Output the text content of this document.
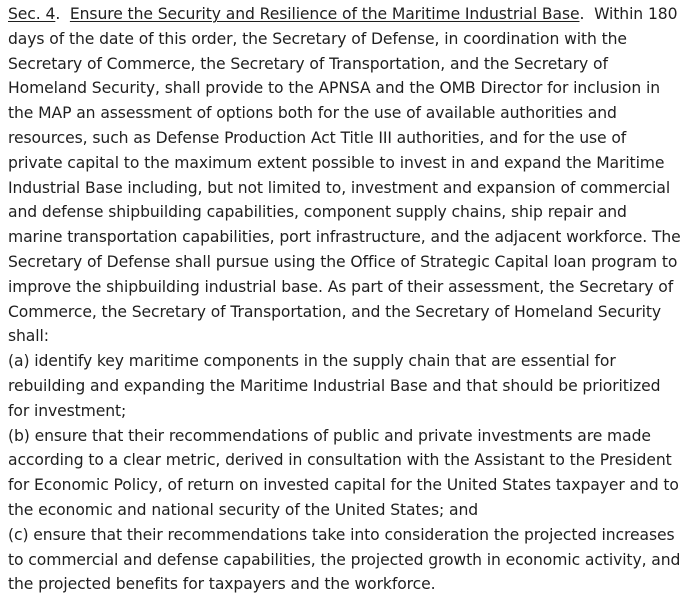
Sec. 4.  Ensure the Security and Resilience of the Maritime Industrial Base.  Within 180 days of the date of this order, the Secretary of Defense, in coordination with the Secretary of Commerce, the Secretary of Transportation, and the Secretary of Homeland Security, shall provide to the APNSA and the OMB Director for inclusion in the MAP an assessment of options both for the use of available authorities and resources, such as Defense Production Act Title III authorities, and for the use of private capital to the maximum extent possible to invest in and expand the Maritime Industrial Base including, but not limited to, investment and expansion of commercial and defense shipbuilding capabilities, component supply chains, ship repair and marine transportation capabilities, port infrastructure, and the adjacent workforce. The Secretary of Defense shall pursue using the Office of Strategic Capital loan program to improve the shipbuilding industrial base. As part of their assessment, the Secretary of Commerce, the Secretary of Transportation, and the Secretary of Homeland Security shall:

(a) identify key maritime components in the supply chain that are essential for rebuilding and expanding the Maritime Industrial Base and that should be prioritized for investment;

(b) ensure that their recommendations of public and private investments are made according to a clear metric, derived in consultation with the Assistant to the President for Economic Policy, of return on invested capital for the United States taxpayer and to the economic and national security of the United States; and

(c) ensure that their recommendations take into consideration the projected increases to commercial and defense capabilities, the projected growth in economic activity, and the projected benefits for taxpayers and the workforce.
